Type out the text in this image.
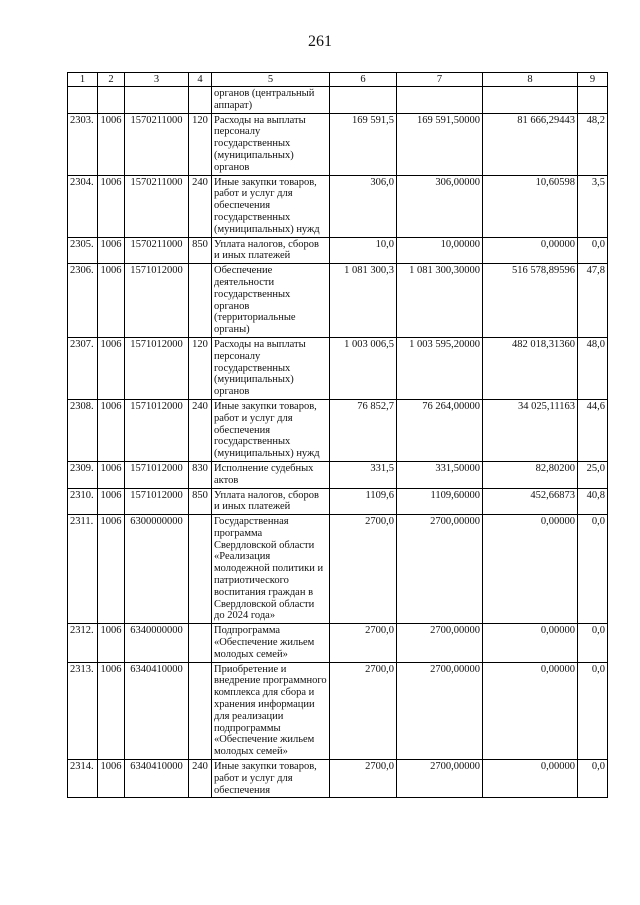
261
1	2	3	4	5	6	7	8	9
				органов (центральный аппарат)				
2303.	1006	1570211000	120	Расходы на выплаты персоналу государственных (муниципальных) органов	169 591,5	169 591,50000	81 666,29443	48,2
2304.	1006	1570211000	240	Иные закупки товаров, работ и услуг для обеспечения государственных (муниципальных) нужд	306,0	306,00000	10,60598	3,5
2305.	1006	1570211000	850	Уплата налогов, сборов и иных платежей	10,0	10,00000	0,00000	0,0
2306.	1006	1571012000		Обеспечение деятельности государственных органов (территориальные органы)	1 081 300,3	1 081 300,30000	516 578,89596	47,8
2307.	1006	1571012000	120	Расходы на выплаты персоналу государственных (муниципальных) органов	1 003 006,5	1 003 595,20000	482 018,31360	48,0
2308.	1006	1571012000	240	Иные закупки товаров, работ и услуг для обеспечения государственных (муниципальных) нужд	76 852,7	76 264,00000	34 025,11163	44,6
2309.	1006	1571012000	830	Исполнение судебных актов	331,5	331,50000	82,80200	25,0
2310.	1006	1571012000	850	Уплата налогов, сборов и иных платежей	1109,6	1109,60000	452,66873	40,8
2311.	1006	6300000000		Государственная программа Свердловской области «Реализация молодежной политики и патриотического воспитания граждан в Свердловской области до 2024 года»	2700,0	2700,00000	0,00000	0,0
2312.	1006	6340000000		Подпрограмма «Обеспечение жильем молодых семей»	2700,0	2700,00000	0,00000	0,0
2313.	1006	6340410000		Приобретение и внедрение программного комплекса для сбора и хранения информации для реализации подпрограммы «Обеспечение жильем молодых семей»	2700,0	2700,00000	0,00000	0,0
2314.	1006	6340410000	240	Иные закупки товаров, работ и услуг для обеспечения	2700,0	2700,00000	0,00000	0,0
